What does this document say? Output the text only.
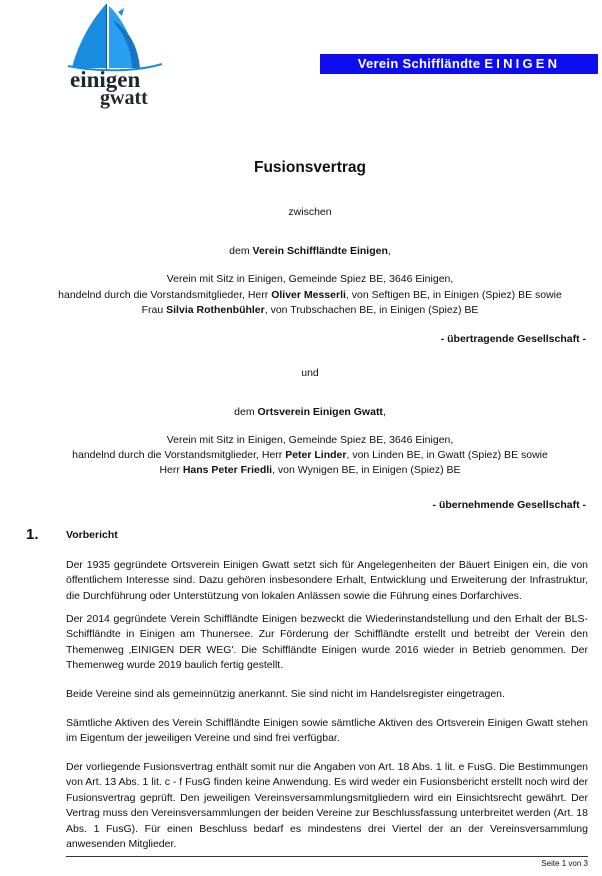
einigen
gwatt
Verein Schiffländte EINIGEN
Fusionsvertrag
zwischen
dem Verein Schiffländte Einigen,
Verein mit Sitz in Einigen, Gemeinde Spiez BE, 3646 Einigen,
handelnd durch die Vorstandsmitglieder, Herr Oliver Messerli, von Seftigen BE, in Einigen (Spiez) BE sowie
Frau Silvia Rothenbühler, von Trubschachen BE, in Einigen (Spiez) BE
- übertragende Gesellschaft -
und
dem Ortsverein Einigen Gwatt,
Verein mit Sitz in Einigen, Gemeinde Spiez BE, 3646 Einigen,
handelnd durch die Vorstandsmitglieder, Herr Peter Linder, von Linden BE, in Gwatt (Spiez) BE sowie
Herr Hans Peter Friedli, von Wynigen BE, in Einigen (Spiez) BE
- übernehmende Gesellschaft -
1.	Vorbericht

Der 1935 gegründete Ortsverein Einigen Gwatt setzt sich für Angelegenheiten der Bäuert Einigen ein, die von öffentlichem Interesse sind. Dazu gehören insbesondere Erhalt, Entwicklung und Erweiterung der Infrastruktur, die Durchführung oder Unterstützung von lokalen Anlässen sowie die Führung eines Dorfarchives.

Der 2014 gegründete Verein Schiffländte Einigen bezweckt die Wiederinstandstellung und den Erhalt der BLS-Schiffländte in Einigen am Thunersee. Zur Förderung der Schiffländte erstellt und betreibt der Verein den Themenweg ‚EINIGEN DER WEG'. Die Schiffländte Einigen wurde 2016 wieder in Betrieb genommen. Der Themenweg wurde 2019 baulich fertig gestellt.

Beide Vereine sind als gemeinnützig anerkannt. Sie sind nicht im Handelsregister eingetragen.

Sämtliche Aktiven des Verein Schiffländte Einigen sowie sämtliche Aktiven des Ortsverein Einigen Gwatt stehen im Eigentum der jeweiligen Vereine und sind frei verfügbar.

Der vorliegende Fusionsvertrag enthält somit nur die Angaben von Art. 18 Abs. 1 lit. e FusG. Die Bestimmungen von Art. 13 Abs. 1 lit. c - f FusG finden keine Anwendung. Es wird weder ein Fusionsbericht erstellt noch wird der Fusionsvertrag geprüft. Den jeweiligen Vereinsversammlungsmitgliedern wird ein Einsichtsrecht gewährt. Der Vertrag muss den Vereinsversammlungen der beiden Vereine zur Beschlussfassung unterbreitet werden (Art. 18 Abs. 1 FusG). Für einen Beschluss bedarf es mindestens drei Viertel der an der Vereinsversammlung anwesenden Mitglieder.

Seite 1 von 3
